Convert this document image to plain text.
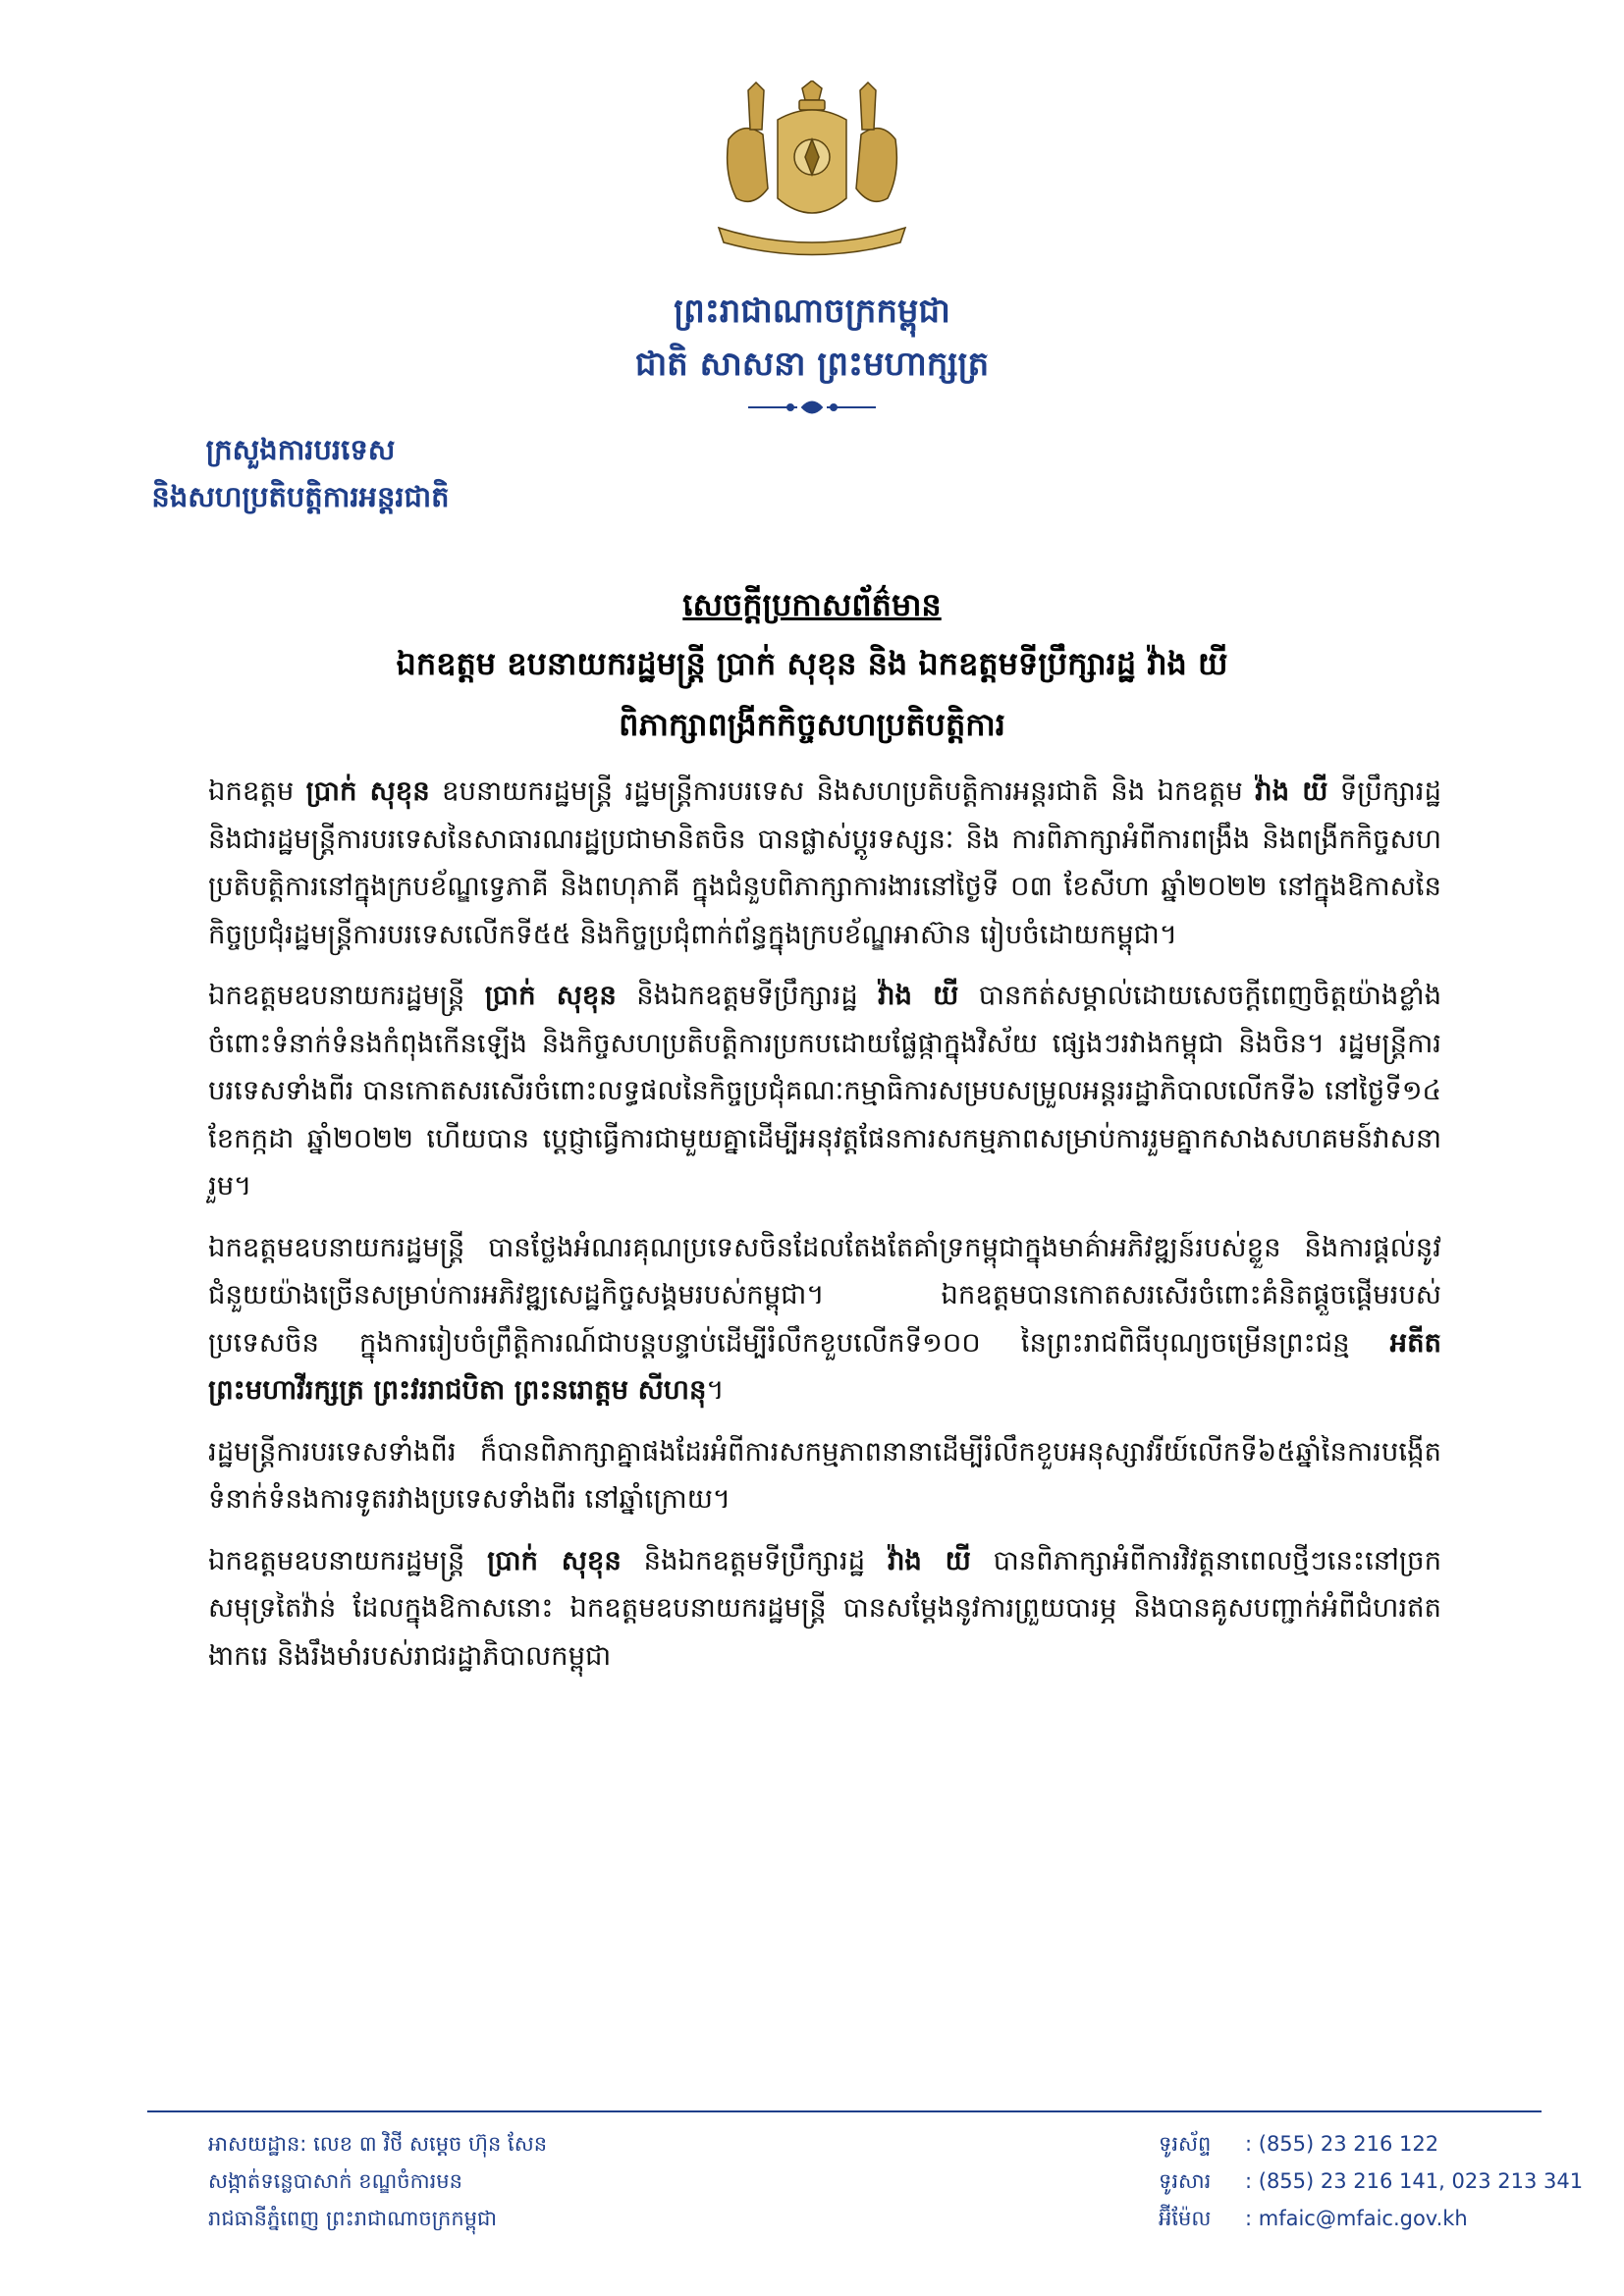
ព្រះរាជាណាចក្រកម្ពុជា
ជាតិ សាសនា ព្រះមហាក្សត្រ
ក្រសួងការបរទេស
និងសហប្រតិបត្តិការអន្តរជាតិ
សេចក្តីប្រកាសព័ត៌មាន
ឯកឧត្តម ឧបនាយករដ្ឋមន្ត្រី ប្រាក់ សុខុន និង ឯកឧត្តមទីប្រឹក្សារដ្ឋ វ៉ាង យី
ពិភាក្សាពង្រីកកិច្ចសហប្រតិបត្តិការ

ឯកឧត្តម ប្រាក់ សុខុន ឧបនាយករដ្ឋមន្ត្រី រដ្ឋមន្ត្រីការបរទេស និងសហប្រតិបត្តិការអន្តរជាតិ និង ឯកឧត្តម វ៉ាង យី ទីប្រឹក្សារដ្ឋ និងជារដ្ឋមន្ត្រីការបរទេសនៃសាធារណរដ្ឋប្រជាមានិតចិន បានផ្លាស់ប្តូរទស្សនៈ និង ការពិភាក្សាអំពីការពង្រឹង និងពង្រីកកិច្ចសហប្រតិបត្តិការនៅក្នុងក្របខ័ណ្ឌទ្វេភាគី និងពហុភាគី ក្នុងជំនួបពិភាក្សាការងារនៅថ្ងៃទី ០៣ ខែសីហា ឆ្នាំ២០២២ នៅក្នុងឱកាសនៃកិច្ចប្រជុំរដ្ឋមន្ត្រីការបរទេសលើកទី៥៥ និងកិច្ចប្រជុំពាក់ព័ន្ធក្នុងក្របខ័ណ្ឌអាស៊ាន រៀបចំដោយកម្ពុជា។

ឯកឧត្តមឧបនាយករដ្ឋមន្ត្រី ប្រាក់ សុខុន និងឯកឧត្តមទីប្រឹក្សារដ្ឋ វ៉ាង យី បានកត់សម្គាល់ដោយសេចក្តីពេញចិត្តយ៉ាងខ្លាំង ចំពោះទំនាក់ទំនងកំពុងកើនឡើង និងកិច្ចសហប្រតិបត្តិការប្រកបដោយផ្លែផ្កាក្នុងវិស័យ ផ្សេងៗរវាងកម្ពុជា និងចិន។ រដ្ឋមន្ត្រីការបរទេសទាំងពីរ បានកោតសរសើរចំពោះលទ្ធផលនៃកិច្ចប្រជុំគណៈកម្មាធិការសម្របសម្រួលអន្តររដ្ឋាភិបាលលើកទី៦ នៅថ្ងៃទី១៤ ខែកក្កដា ឆ្នាំ២០២២ ហើយបាន ប្តេជ្ញាធ្វើការជាមួយគ្នាដើម្បីអនុវត្តផែនការសកម្មភាពសម្រាប់ការរួមគ្នាកសាងសហគមន៍វាសនារួម។

ឯកឧត្តមឧបនាយករដ្ឋមន្ត្រី បានថ្លែងអំណរគុណប្រទេសចិនដែលតែងតែគាំទ្រកម្ពុជាក្នុងមាគ៌ាអភិវឌ្ឍន៍របស់ខ្លួន និងការផ្តល់នូវជំនួយយ៉ាងច្រើនសម្រាប់ការអភិវឌ្ឍសេដ្ឋកិច្ចសង្គមរបស់កម្ពុជា។ ឯកឧត្តមបានកោតសរសើរចំពោះគំនិតផ្តួចផ្តើមរបស់ប្រទេសចិន ក្នុងការរៀបចំព្រឹត្តិការណ៍ជាបន្តបន្ទាប់ដើម្បីរំលឹកខួបលើកទី១០០ នៃព្រះរាជពិធីបុណ្យចម្រើនព្រះជន្ម អតីតព្រះមហាវីរក្សត្រ ព្រះវររាជបិតា ព្រះនរោត្តម សីហនុ។

រដ្ឋមន្ត្រីការបរទេសទាំងពីរ ក៏បានពិភាក្សាគ្នាផងដែរអំពីការសកម្មភាពនានាដើម្បីរំលឹកខួបអនុស្សាវរីយ៍លើកទី៦៥ឆ្នាំនៃការបង្កើតទំនាក់ទំនងការទូតរវាងប្រទេសទាំងពីរ នៅឆ្នាំក្រោយ។

ឯកឧត្តមឧបនាយករដ្ឋមន្ត្រី ប្រាក់ សុខុន និងឯកឧត្តមទីប្រឹក្សារដ្ឋ វ៉ាង យី បានពិភាក្សាអំពីការវិវត្តនាពេលថ្មីៗនេះនៅច្រកសមុទ្រតៃវ៉ាន់ ដែលក្នុងឱកាសនោះ ឯកឧត្តមឧបនាយករដ្ឋមន្ត្រី បានសម្តែងនូវការព្រួយបារម្ភ និងបានគូសបញ្ជាក់អំពីជំហរឥតងាករេ និងរឹងមាំរបស់រាជរដ្ឋាភិបាលកម្ពុជា

អាសយដ្ឋាន: លេខ ៣ វិថី សម្តេច ហ៊ុន សែន
សង្កាត់ទន្លេបាសាក់ ខណ្ឌចំការមន
រាជធានីភ្នំពេញ ព្រះរាជាណាចក្រកម្ពុជា
ទូរស័ព្ទ : (855) 23 216 122
ទូរសារ : (855) 23 216 141, 023 213 341
អ៊ីម៉ែល : mfaic@mfaic.gov.kh
